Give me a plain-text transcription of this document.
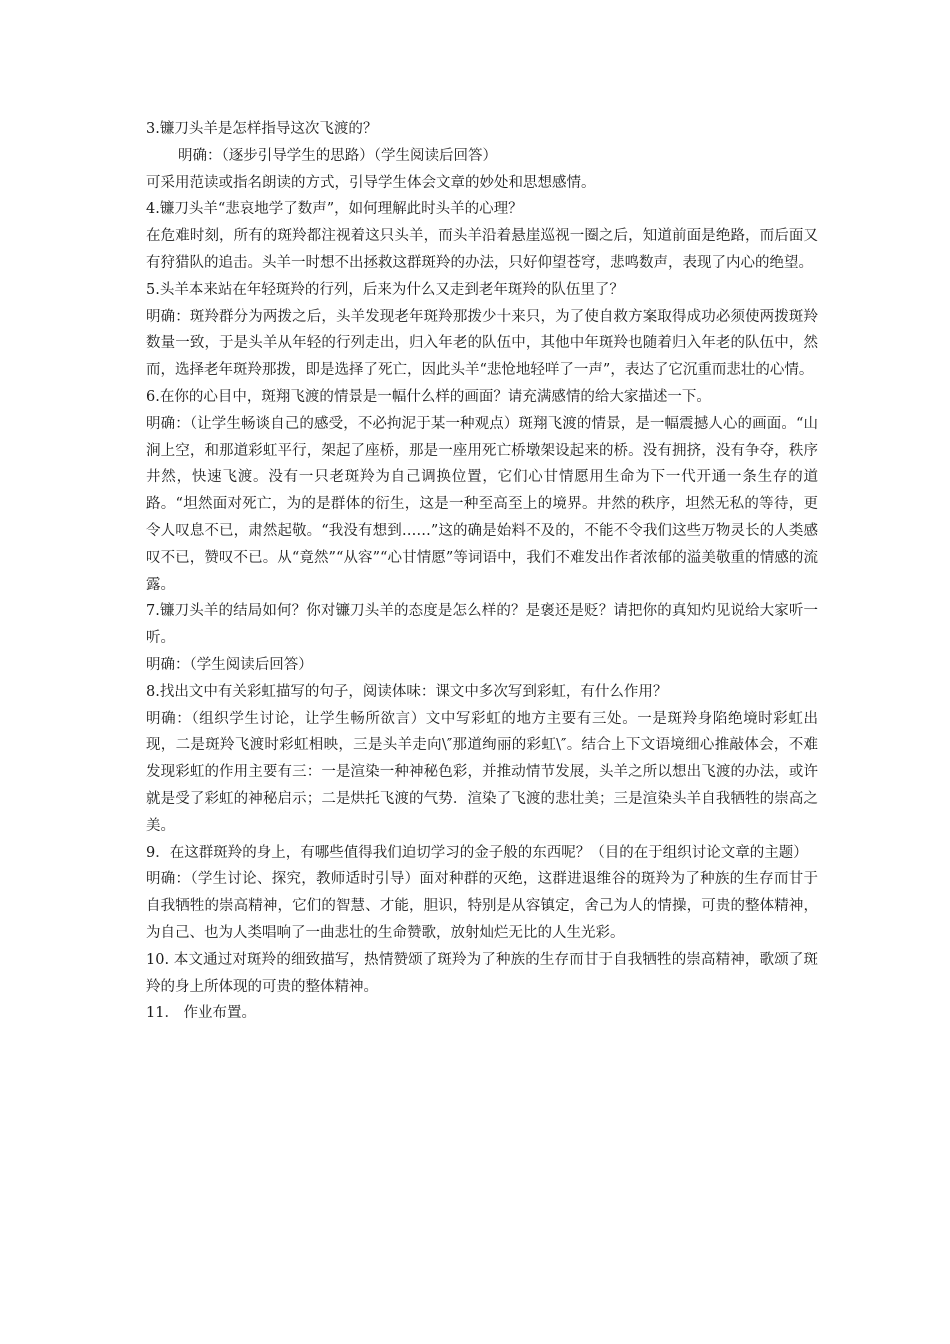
3.镰刀头羊是怎样指导这次飞渡的？

明确：（逐步引导学生的思路）（学生阅读后回答）

可采用范读或指名朗读的方式，引导学生体会文章的妙处和思想感情。

4.镰刀头羊“悲哀地学了数声”，如何理解此时头羊的心理？

在危难时刻，所有的斑羚都注视着这只头羊，而头羊沿着悬崖巡视一圈之后，知道前面是绝路，而后面又有狩猎队的追击。头羊一时想不出拯救这群斑羚的办法，只好仰望苍穹，悲鸣数声，表现了内心的绝望。

5.头羊本来站在年轻斑羚的行列，后来为什么又走到老年斑羚的队伍里了？

明确：斑羚群分为两拨之后，头羊发现老年斑羚那拨少十来只，为了使自救方案取得成功必须使两拨斑羚数量一致，于是头羊从年轻的行列走出，归入年老的队伍中，其他中年斑羚也随着归入年老的队伍中，然而，选择老年斑羚那拨，即是选择了死亡，因此头羊“悲怆地轻咩了一声”，表达了它沉重而悲壮的心情。

6.在你的心目中，斑翔飞渡的情景是一幅什么样的画面？请充满感情的给大家描述一下。

明确：（让学生畅谈自己的感受，不必拘泥于某一种观点）斑翔飞渡的情景，是一幅震撼人心的画面。“山涧上空，和那道彩虹平行，架起了座桥，那是一座用死亡桥墩架设起来的桥。没有拥挤，没有争夺，秩序井然，快速飞渡。没有一只老斑羚为自己调换位置，它们心甘情愿用生命为下一代开通一条生存的道路。“坦然面对死亡，为的是群体的衍生，这是一种至高至上的境界。井然的秩序，坦然无私的等待，更令人叹息不已，肃然起敬。“我没有想到……”这的确是始料不及的，不能不令我们这些万物灵长的人类感叹不已，赞叹不已。从“竟然”“从容”“心甘情愿”等词语中，我们不难发出作者浓郁的溢美敬重的情感的流露。

7.镰刀头羊的结局如何？你对镰刀头羊的态度是怎么样的？是褒还是贬？请把你的真知灼见说给大家听一听。

明确：（学生阅读后回答）

8.找出文中有关彩虹描写的句子，阅读体味：课文中多次写到彩虹，有什么作用？

明确：（组织学生讨论，让学生畅所欲言）文中写彩虹的地方主要有三处。一是斑羚身陷绝境时彩虹出现，二是斑羚飞渡时彩虹相映，三是头羊走向\″那道绚丽的彩虹\″。结合上下文语境细心推敲体会，不难发现彩虹的作用主要有三：一是渲染一种神秘色彩，并推动情节发展，头羊之所以想出飞渡的办法，或许就是受了彩虹的神秘启示；二是烘托飞渡的气势．渲染了飞渡的悲壮美；三是渲染头羊自我牺牲的崇高之美。

9．在这群斑羚的身上，有哪些值得我们迫切学习的金子般的东西呢？（目的在于组织讨论文章的主题）

明确：（学生讨论、探究，教师适时引导）面对种群的灭绝，这群进退维谷的斑羚为了种族的生存而甘于自我牺牲的崇高精神，它们的智慧、才能，胆识，特别是从容镇定，舍己为人的情操，可贵的整体精神，为自己、也为人类唱响了一曲悲壮的生命赞歌，放射灿烂无比的人生光彩。

10. 本文通过对斑羚的细致描写，热情赞颂了斑羚为了种族的生存而甘于自我牺牲的崇高精神，歌颂了斑羚的身上所体现的可贵的整体精神。

11． 作业布置。
